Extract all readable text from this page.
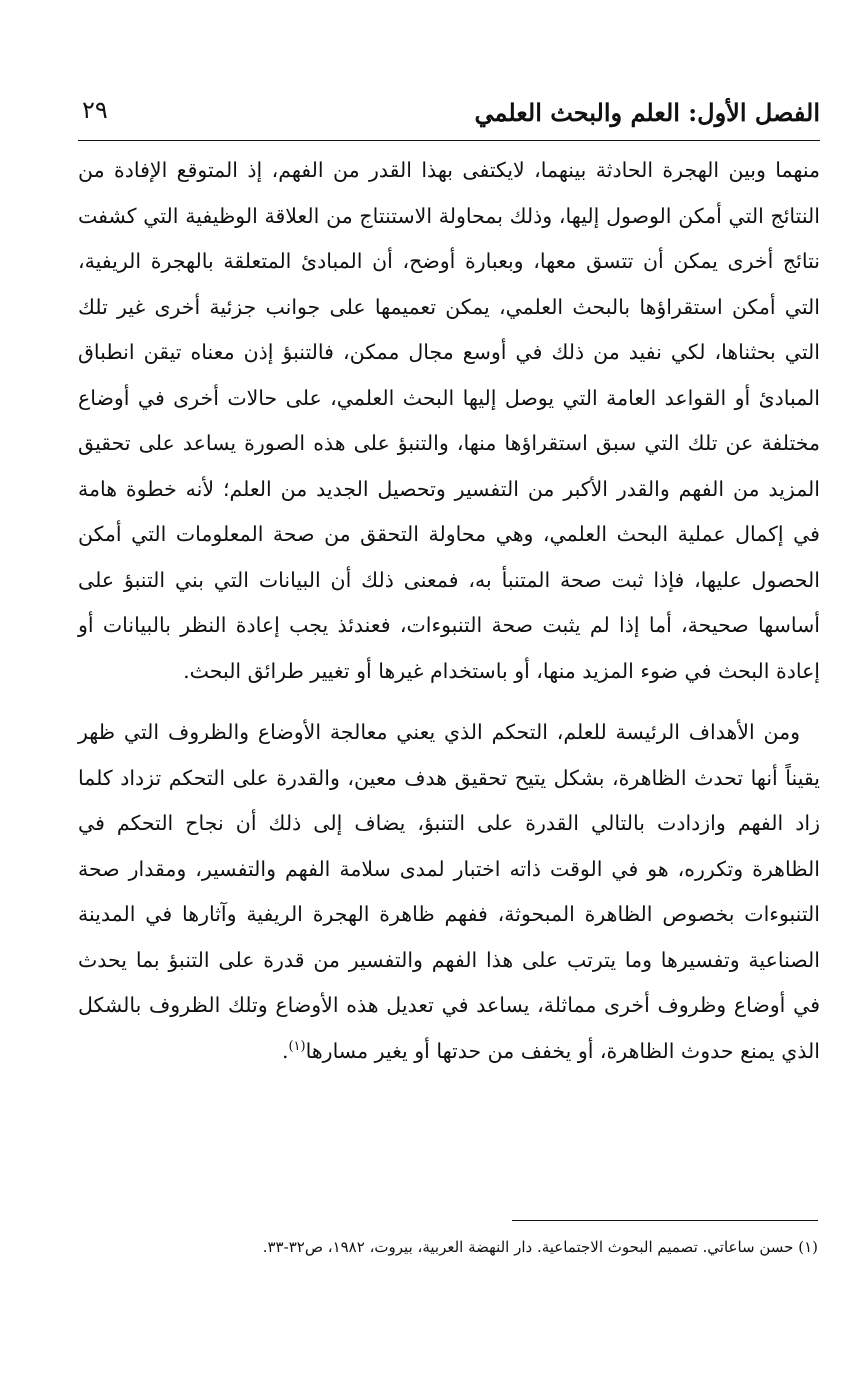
الفصل الأول: العلم والبحث العلمي
٢٩

منهما وبين الهجرة الحادثة بينهما، لايكتفى بهذا القدر من الفهم، إذ المتوقع الإفادة من النتائج التي أمكن الوصول إليها، وذلك بمحاولة الاستنتاج من العلاقة الوظيفية التي كشفت نتائج أخرى يمكن أن تتسق معها، وبعبارة أوضح، أن المبادئ المتعلقة بالهجرة الريفية، التي أمكن استقراؤها بالبحث العلمي، يمكن تعميمها على جوانب جزئية أخرى غير تلك التي بحثناها، لكي نفيد من ذلك في أوسع مجال ممكن، فالتنبؤ إذن معناه تيقن انطباق المبادئ أو القواعد العامة التي يوصل إليها البحث العلمي، على حالات أخرى في أوضاع مختلفة عن تلك التي سبق استقراؤها منها، والتنبؤ على هذه الصورة يساعد على تحقيق المزيد من الفهم والقدر الأكبر من التفسير وتحصيل الجديد من العلم؛ لأنه خطوة هامة في إكمال عملية البحث العلمي، وهي محاولة التحقق من صحة المعلومات التي أمكن الحصول عليها، فإذا ثبت صحة المتنبأ به، فمعنى ذلك أن البيانات التي بني التنبؤ على أساسها صحيحة، أما إذا لم يثبت صحة التنبوءات، فعندئذ يجب إعادة النظر بالبيانات أو إعادة البحث في ضوء المزيد منها، أو باستخدام غيرها أو تغيير طرائق البحث.

ومن الأهداف الرئيسة للعلم، التحكم الذي يعني معالجة الأوضاع والظروف التي ظهر يقيناً أنها تحدث الظاهرة، بشكل يتيح تحقيق هدف معين، والقدرة على التحكم تزداد كلما زاد الفهم وازدادت بالتالي القدرة على التنبؤ، يضاف إلى ذلك أن نجاح التحكم في الظاهرة وتكرره، هو في الوقت ذاته اختبار لمدى سلامة الفهم والتفسير، ومقدار صحة التنبوءات بخصوص الظاهرة المبحوثة، ففهم ظاهرة الهجرة الريفية وآثارها في المدينة الصناعية وتفسيرها وما يترتب على هذا الفهم والتفسير من قدرة على التنبؤ بما يحدث في أوضاع وظروف أخرى مماثلة، يساعد في تعديل هذه الأوضاع وتلك الظروف بالشكل الذي يمنع حدوث الظاهرة، أو يخفف من حدتها أو يغير مسارها$^{(١)}$.

(١) حسن ساعاتي. تصميم البحوث الاجتماعية. دار النهضة العربية، بيروت، ١٩٨٢، ص٣٢-٣٣.
